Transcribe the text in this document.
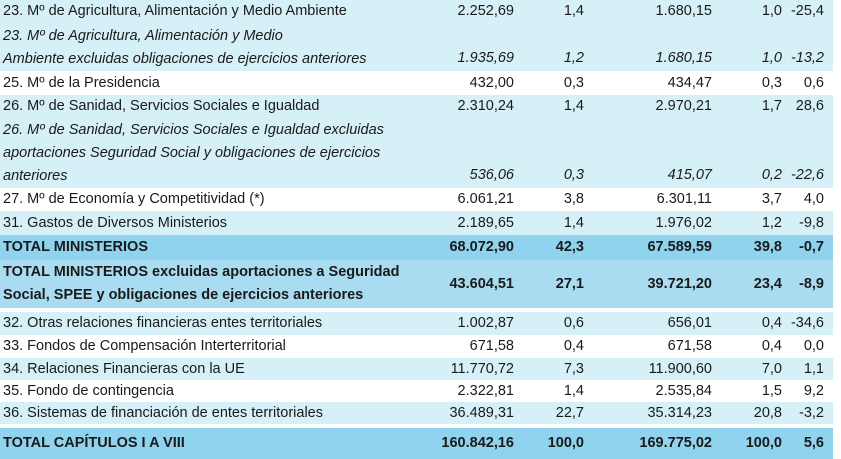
23. Mº de Agricultura, Alimentación y Medio Ambiente	2.252,69	1,4	1.680,15	1,0 -25,4
23. Mº de Agricultura, Alimentación y Medio
Ambiente excluidas obligaciones de ejercicios anteriores	1.935,69	1,2	1.680,15	1,0 -13,2
25. Mº de la Presidencia	432,00	0,3	434,47	0,3 0,6
26. Mº de Sanidad, Servicios Sociales e Igualdad	2.310,24	1,4	2.970,21	1,7 28,6
26. Mº de Sanidad, Servicios Sociales e Igualdad excluidas
aportaciones Seguridad Social y obligaciones de ejercicios
anteriores	536,06	0,3	415,07	0,2 -22,6
27. Mº de Economía y Competitividad (*)	6.061,21	3,8	6.301,11	3,7 4,0
31. Gastos de Diversos Ministerios	2.189,65	1,4	1.976,02	1,2 -9,8
TOTAL MINISTERIOS	68.072,90	42,3	67.589,59	39,8 -0,7
TOTAL MINISTERIOS excluidas aportaciones a Seguridad
Social, SPEE y obligaciones de ejercicios anteriores
43.604,51	27,1	39.721,20	23,4 -8,9
32. Otras relaciones financieras entes territoriales	1.002,87	0,6	656,01	0,4 -34,6
33. Fondos de Compensación Interterritorial	671,58	0,4	671,58	0,4 0,0
34. Relaciones Financieras con la UE	11.770,72	7,3	11.900,60	7,0 1,1
35. Fondo de contingencia	2.322,81	1,4	2.535,84	1,5 9,2
36. Sistemas de financiación de entes territoriales	36.489,31	22,7	35.314,23	20,8 -3,2
TOTAL CAPÍTULOS I A VIII	160.842,16 100,0	169.775,02 100,0 5,6
